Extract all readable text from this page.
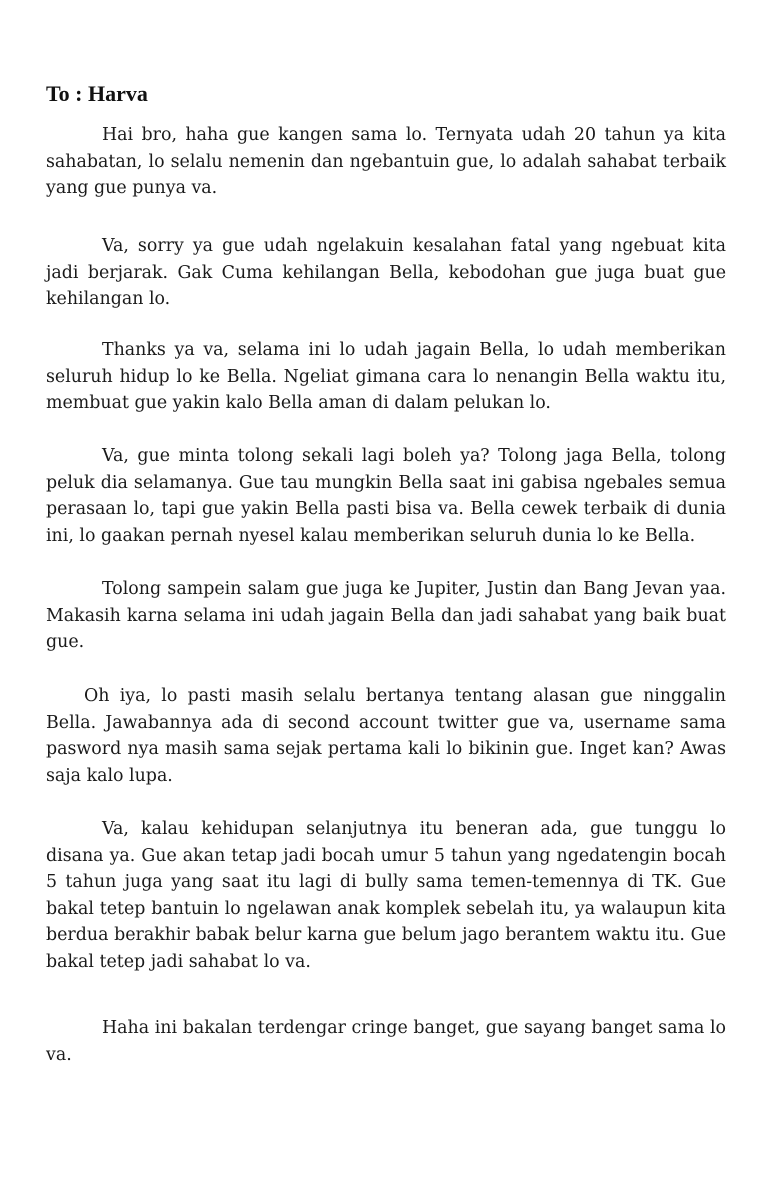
To : Harva

Hai bro, haha gue kangen sama lo. Ternyata udah 20 tahun ya kita sahabatan, lo selalu nemenin dan ngebantuin gue, lo adalah sahabat terbaik yang gue punya va.

Va, sorry ya gue udah ngelakuin kesalahan fatal yang ngebuat kita jadi berjarak. Gak Cuma kehilangan Bella, kebodohan gue juga buat gue kehilangan lo.

Thanks ya va, selama ini lo udah jagain Bella, lo udah memberikan seluruh hidup lo ke Bella. Ngeliat gimana cara lo nenangin Bella waktu itu, membuat gue yakin kalo Bella aman di dalam pelukan lo.

Va, gue minta tolong sekali lagi boleh ya? Tolong jaga Bella, tolong peluk dia selamanya. Gue tau mungkin Bella saat ini gabisa ngebales semua perasaan lo, tapi gue yakin Bella pasti bisa va. Bella cewek terbaik di dunia ini, lo gaakan pernah nyesel kalau memberikan seluruh dunia lo ke Bella.

Tolong sampein salam gue juga ke Jupiter, Justin dan Bang Jevan yaa. Makasih karna selama ini udah jagain Bella dan jadi sahabat yang baik buat gue.

Oh iya, lo pasti masih selalu bertanya tentang alasan gue ninggalin Bella. Jawabannya ada di second account twitter gue va, username sama pasword nya masih sama sejak pertama kali lo bikinin gue. Inget kan? Awas saja kalo lupa.

Va, kalau kehidupan selanjutnya itu beneran ada, gue tunggu lo disana ya. Gue akan tetap jadi bocah umur 5 tahun yang ngedatengin bocah 5 tahun juga yang saat itu lagi di bully sama temen-temennya di TK. Gue bakal tetep bantuin lo ngelawan anak komplek sebelah itu, ya walaupun kita berdua berakhir babak belur karna gue belum jago berantem waktu itu. Gue bakal tetep jadi sahabat lo va.

Haha ini bakalan terdengar cringe banget, gue sayang banget sama lo va.
